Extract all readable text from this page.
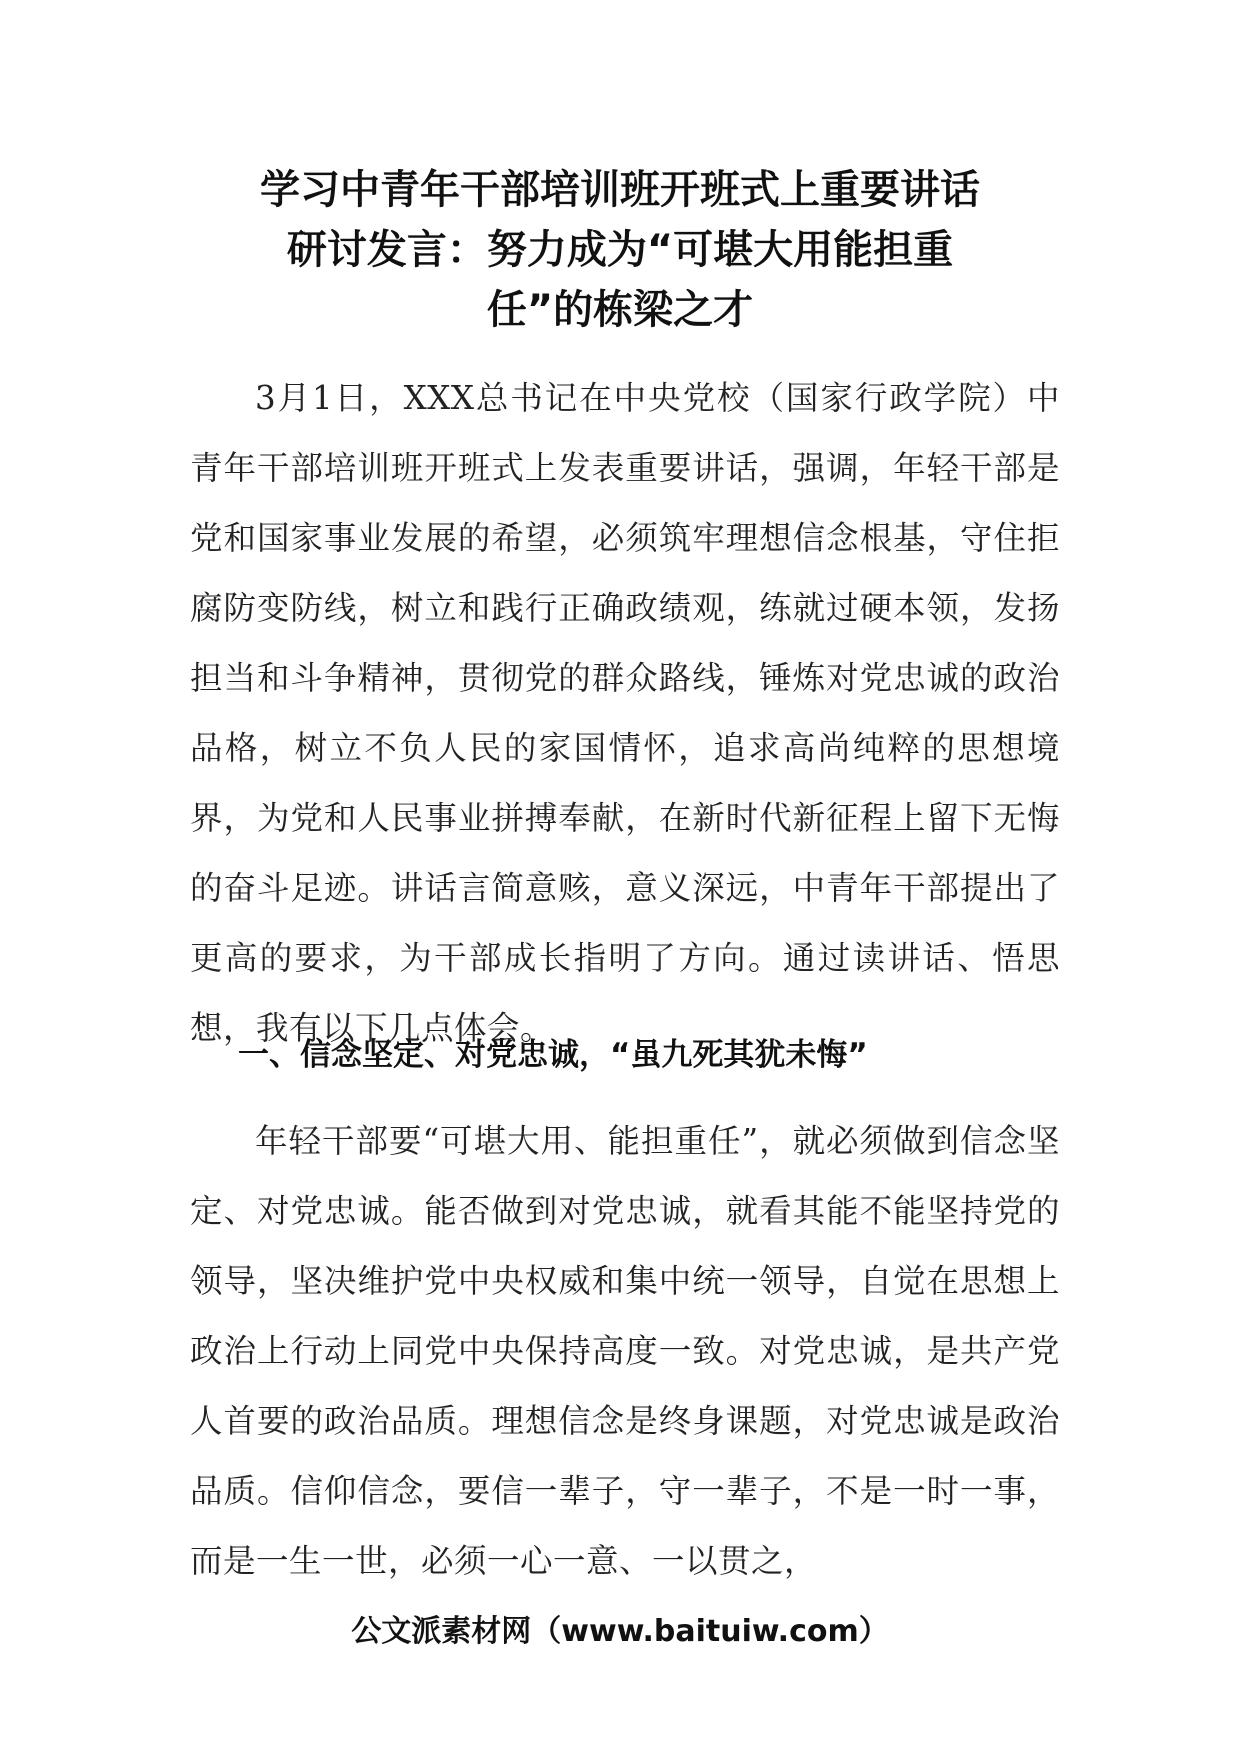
学习中青年干部培训班开班式上重要讲话
研讨发言：努力成为“可堪大用能担重
任”的栋梁之才

3月1日，XXX总书记在中央党校（国家行政学院）中青年干部培训班开班式上发表重要讲话，强调，年轻干部是党和国家事业发展的希望，必须筑牢理想信念根基，守住拒腐防变防线，树立和践行正确政绩观，练就过硬本领，发扬担当和斗争精神，贯彻党的群众路线，锤炼对党忠诚的政治品格，树立不负人民的家国情怀，追求高尚纯粹的思想境界，为党和人民事业拼搏奉献，在新时代新征程上留下无悔的奋斗足迹。讲话言简意赅，意义深远，中青年干部提出了更高的要求，为干部成长指明了方向。通过读讲话、悟思想，我有以下几点体会。

一、信念坚定、对党忠诚，“虽九死其犹未悔”

年轻干部要“可堪大用、能担重任”，就必须做到信念坚定、对党忠诚。能否做到对党忠诚，就看其能不能坚持党的领导，坚决维护党中央权威和集中统一领导，自觉在思想上政治上行动上同党中央保持高度一致。对党忠诚，是共产党人首要的政治品质。理想信念是终身课题，对党忠诚是政治品质。信仰信念，要信一辈子，守一辈子，不是一时一事，而是一生一世，必须一心一意、一以贯之，

公文派素材网（www.baituiw.com）
